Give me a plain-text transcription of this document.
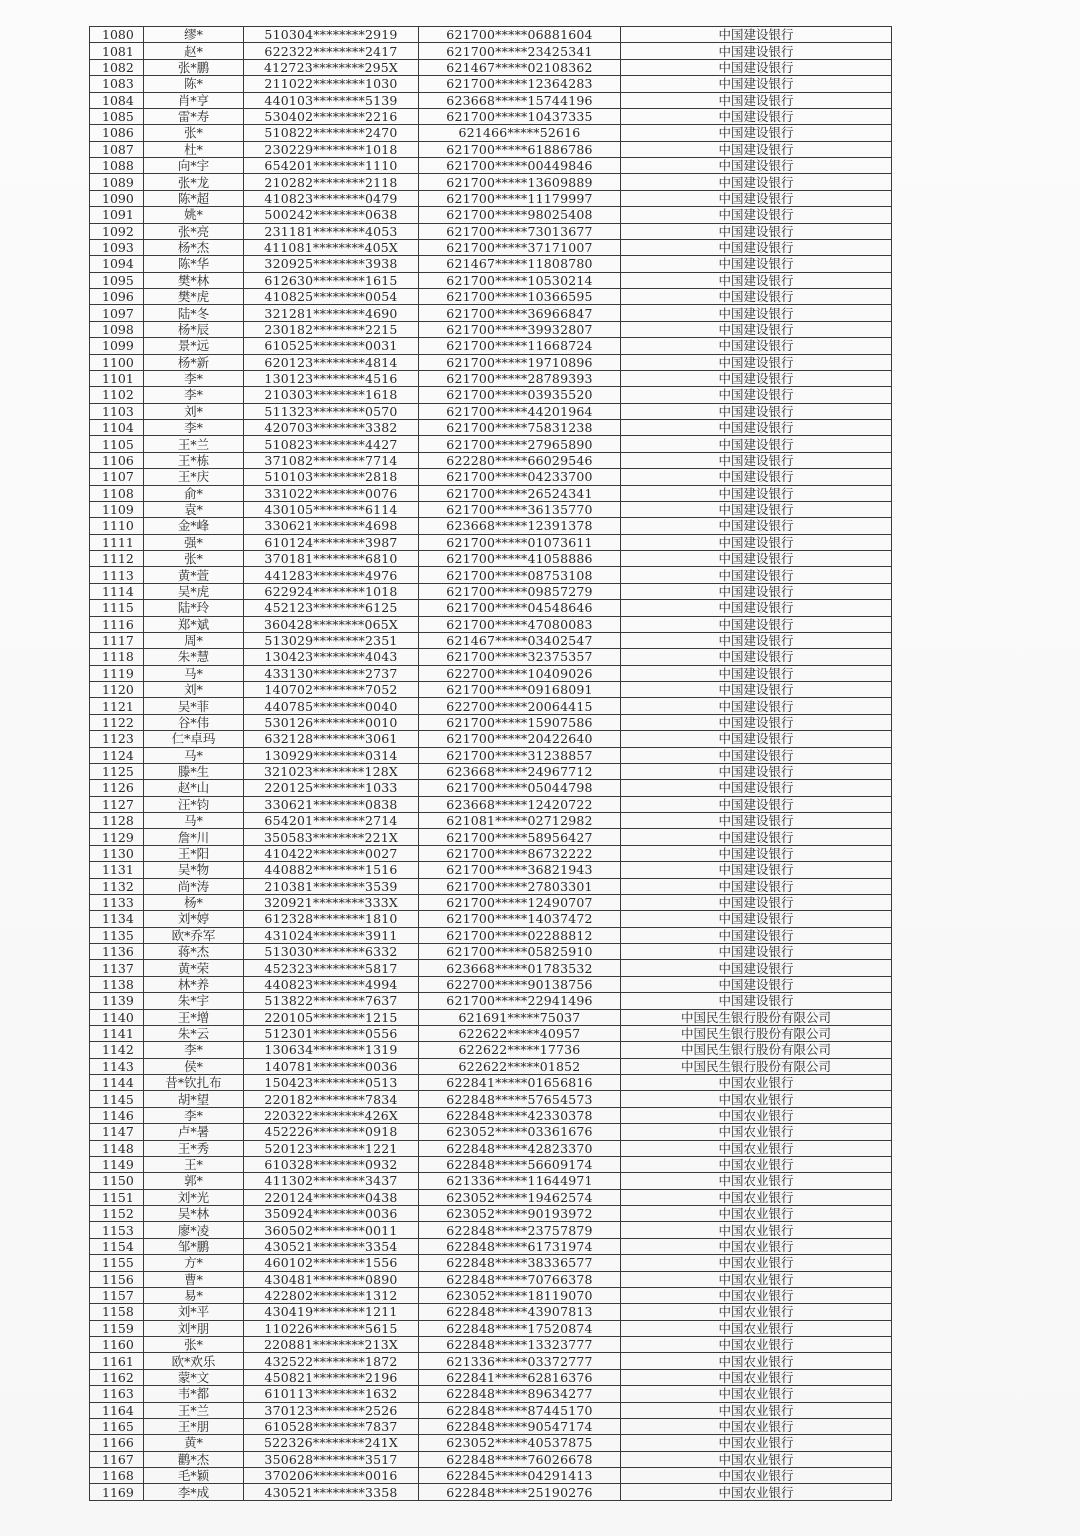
1080	缪*	510304********2919	621700*****06881604	中国建设银行
1081	赵*	622322********2417	621700*****23425341	中国建设银行
1082	张*鹏	412723********295X	621467*****02108362	中国建设银行
1083	陈*	211022********1030	621700*****12364283	中国建设银行
1084	肖*亨	440103********5139	623668*****15744196	中国建设银行
1085	雷*寿	530402********2216	621700*****10437335	中国建设银行
1086	张*	510822********2470	621466*****52616	中国建设银行
1087	杜*	230229********1018	621700*****61886786	中国建设银行
1088	向*宇	654201********1110	621700*****00449846	中国建设银行
1089	张*龙	210282********2118	621700*****13609889	中国建设银行
1090	陈*超	410823********0479	621700*****11179997	中国建设银行
1091	姚*	500242********0638	621700*****98025408	中国建设银行
1092	张*亮	231181********4053	621700*****73013677	中国建设银行
1093	杨*杰	411081********405X	621700*****37171007	中国建设银行
1094	陈*华	320925********3938	621467*****11808780	中国建设银行
1095	樊*林	612630********1615	621700*****10530214	中国建设银行
1096	樊*虎	410825********0054	621700*****10366595	中国建设银行
1097	陆*冬	321281********4690	621700*****36966847	中国建设银行
1098	杨*辰	230182********2215	621700*****39932807	中国建设银行
1099	景*远	610525********0031	621700*****11668724	中国建设银行
1100	杨*新	620123********4814	621700*****19710896	中国建设银行
1101	李*	130123********4516	621700*****28789393	中国建设银行
1102	李*	210303********1618	621700*****03935520	中国建设银行
1103	刘*	511323********0570	621700*****44201964	中国建设银行
1104	李*	420703********3382	621700*****75831238	中国建设银行
1105	王*兰	510823********4427	621700*****27965890	中国建设银行
1106	王*栋	371082********7714	622280*****66029546	中国建设银行
1107	王*庆	510103********2818	621700*****04233700	中国建设银行
1108	俞*	331022********0076	621700*****26524341	中国建设银行
1109	袁*	430105********6114	621700*****36135770	中国建设银行
1110	金*峰	330621********4698	623668*****12391378	中国建设银行
1111	强*	610124********3987	621700*****01073611	中国建设银行
1112	张*	370181********6810	621700*****41058886	中国建设银行
1113	黄*萱	441283********4976	621700*****08753108	中国建设银行
1114	吴*虎	622924********1018	621700*****09857279	中国建设银行
1115	陆*玲	452123********6125	621700*****04548646	中国建设银行
1116	郑*斌	360428********065X	621700*****47080083	中国建设银行
1117	周*	513029********2351	621467*****03402547	中国建设银行
1118	朱*慧	130423********4043	621700*****32375357	中国建设银行
1119	马*	433130********2737	622700*****10409026	中国建设银行
1120	刘*	140702********7052	621700*****09168091	中国建设银行
1121	吴*菲	440785********0040	622700*****20064415	中国建设银行
1122	谷*伟	530126********0010	621700*****15907586	中国建设银行
1123	仁*卓玛	632128********3061	621700*****20422640	中国建设银行
1124	马*	130929********0314	621700*****31238857	中国建设银行
1125	滕*生	321023********128X	623668*****24967712	中国建设银行
1126	赵*山	220125********1033	621700*****05044798	中国建设银行
1127	汪*钧	330621********0838	623668*****12420722	中国建设银行
1128	马*	654201********2714	621081*****02712982	中国建设银行
1129	詹*川	350583********221X	621700*****58956427	中国建设银行
1130	王*阳	410422********0027	621700*****86732222	中国建设银行
1131	吴*物	440882********1516	621700*****36821943	中国建设银行
1132	尚*涛	210381********3539	621700*****27803301	中国建设银行
1133	杨*	320921********333X	621700*****12490707	中国建设银行
1134	刘*婷	612328********1810	621700*****14037472	中国建设银行
1135	欧*乔军	431024********3911	621700*****02288812	中国建设银行
1136	蒋*杰	513030********6332	621700*****05825910	中国建设银行
1137	黄*荣	452323********5817	623668*****01783532	中国建设银行
1138	林*养	440823********4994	622700*****90138756	中国建设银行
1139	朱*宇	513822********7637	621700*****22941496	中国建设银行
1140	王*增	220105********1215	621691*****75037	中国民生银行股份有限公司
1141	朱*云	512301********0556	622622*****40957	中国民生银行股份有限公司
1142	李*	130634********1319	622622*****17736	中国民生银行股份有限公司
1143	侯*	140781********0036	622622*****01852	中国民生银行股份有限公司
1144	昔*钦扎布	150423********0513	622841*****01656816	中国农业银行
1145	胡*望	220182********7834	622848*****57654573	中国农业银行
1146	李*	220322********426X	622848*****42330378	中国农业银行
1147	卢*暑	452226********0918	623052*****03361676	中国农业银行
1148	王*秀	520123********1221	622848*****42823370	中国农业银行
1149	王*	610328********0932	622848*****56609174	中国农业银行
1150	郭*	411302********3437	621336*****11644971	中国农业银行
1151	刘*光	220124********0438	623052*****19462574	中国农业银行
1152	吴*林	350924********0036	623052*****90193972	中国农业银行
1153	廖*凌	360502********0011	622848*****23757879	中国农业银行
1154	邹*鹏	430521********3354	622848*****61731974	中国农业银行
1155	方*	460102********1556	622848*****38336577	中国农业银行
1156	曹*	430481********0890	622848*****70766378	中国农业银行
1157	易*	422802********1312	623052*****18119070	中国农业银行
1158	刘*平	430419********1211	622848*****43907813	中国农业银行
1159	刘*朋	110226********5615	622848*****17520874	中国农业银行
1160	张*	220881********213X	622848*****13323777	中国农业银行
1161	欧*欢乐	432522********1872	621336*****03372777	中国农业银行
1162	蒙*文	450821********2196	622841*****62816376	中国农业银行
1163	韦*都	610113********1632	622848*****89634277	中国农业银行
1164	王*兰	370123********2526	622848*****87445170	中国农业银行
1165	王*朋	610528********7837	622848*****90547174	中国农业银行
1166	黄*	522326********241X	623052*****40537875	中国农业银行
1167	鹳*杰	350628********3517	622848*****76026678	中国农业银行
1168	毛*颖	370206********0016	622845*****04291413	中国农业银行
1169	李*成	430521********3358	622848*****25190276	中国农业银行
